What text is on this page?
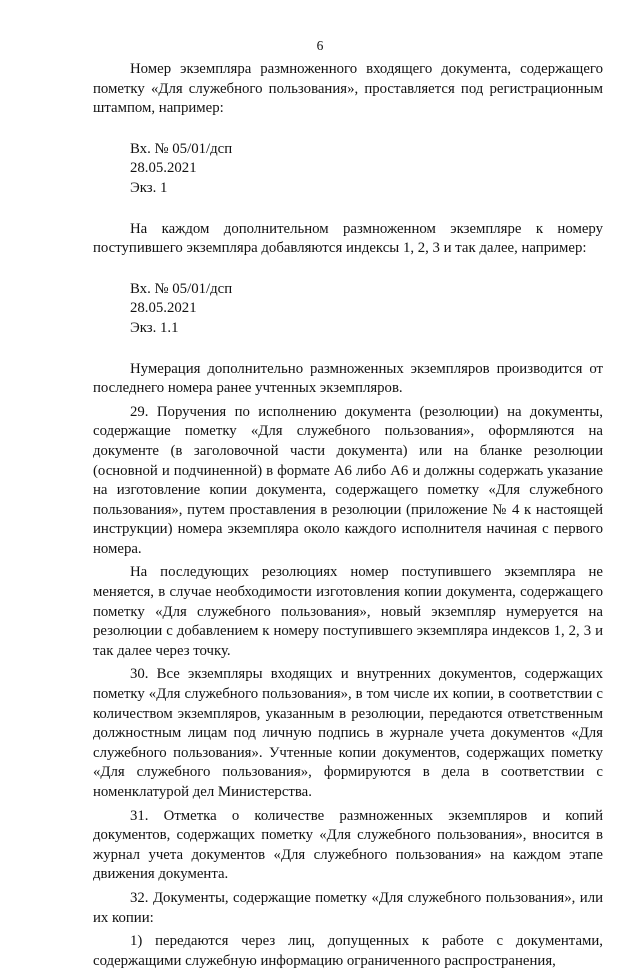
6

Номер экземпляра размноженного входящего документа, содержащего пометку «Для служебного пользования», проставляется под регистрационным штампом, например:

Вх. № 05/01/дсп

28.05.2021

Экз. 1

На каждом дополнительном размноженном экземпляре к номеру поступившего экземпляра добавляются индексы 1, 2, 3 и так далее, например:

Вх. № 05/01/дсп

28.05.2021

Экз. 1.1

Нумерация дополнительно размноженных экземпляров производится от последнего номера ранее учтенных экземпляров.

29. Поручения по исполнению документа (резолюции) на документы, содержащие пометку «Для служебного пользования», оформляются на документе (в заголовочной части документа) или на бланке резолюции (основной и подчиненной) в формате А6 либо А6 и должны содержать указание на изготовление копии документа, содержащего пометку «Для служебного пользования», путем проставления в резолюции (приложение № 4 к настоящей инструкции) номера экземпляра около каждого исполнителя начиная с первого номера.

На последующих резолюциях номер поступившего экземпляра не меняется, в случае необходимости изготовления копии документа, содержащего пометку «Для служебного пользования», новый экземпляр нумеруется на резолюции с добавлением к номеру поступившего экземпляра индексов 1, 2, 3 и так далее через точку.

30. Все экземпляры входящих и внутренних документов, содержащих пометку «Для служебного пользования», в том числе их копии, в соответствии с количеством экземпляров, указанным в резолюции, передаются ответственным должностным лицам под личную подпись в журнале учета документов «Для служебного пользования». Учтенные копии документов, содержащих пометку «Для служебного пользования», формируются в дела в соответствии с номенклатурой дел Министерства.

31. Отметка о количестве размноженных экземпляров и копий документов, содержащих пометку «Для служебного пользования», вносится в журнал учета документов «Для служебного пользования» на каждом этапе движения документа.

32. Документы, содержащие пометку «Для служебного пользования», или их копии:

1) передаются через лиц, допущенных к работе с документами, содержащими служебную информацию ограниченного распространения,
